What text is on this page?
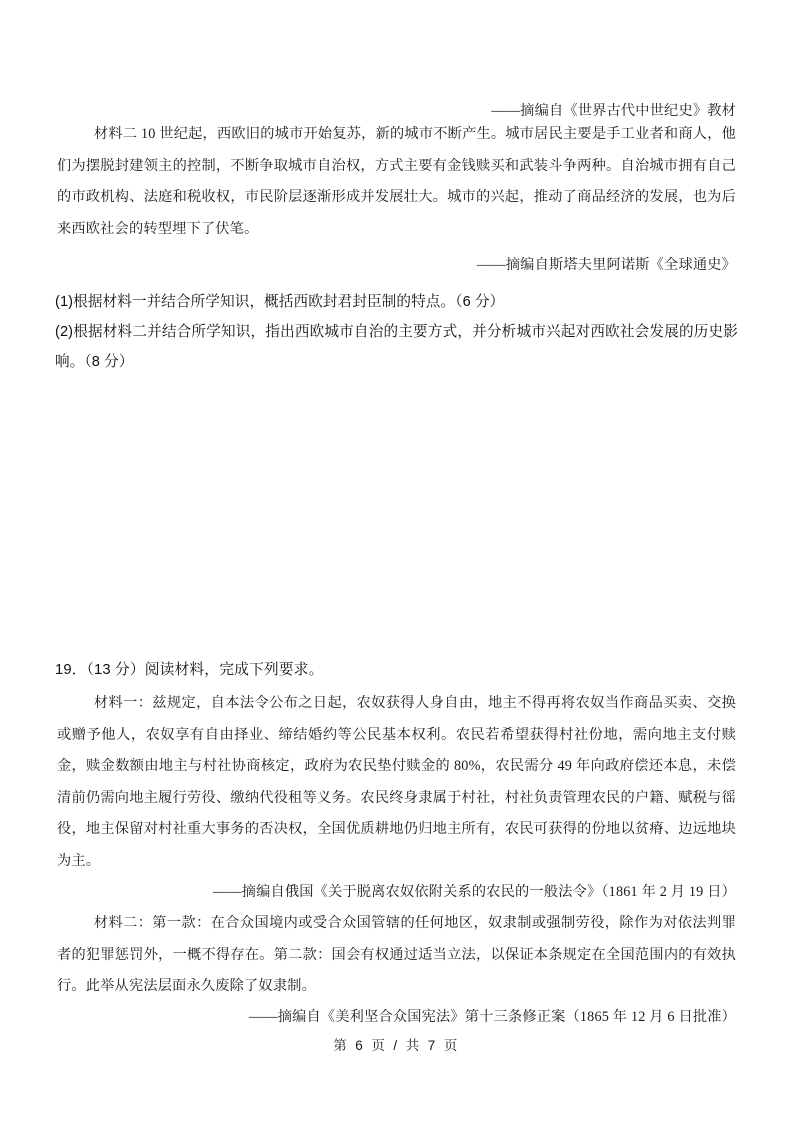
——摘编自《世界古代中世纪史》教材

材料二 10 世纪起，西欧旧的城市开始复苏，新的城市不断产生。城市居民主要是手工业者和商人，他们为摆脱封建领主的控制，不断争取城市自治权，方式主要有金钱赎买和武装斗争两种。自治城市拥有自己的市政机构、法庭和税收权，市民阶层逐渐形成并发展壮大。城市的兴起，推动了商品经济的发展，也为后来西欧社会的转型埋下了伏笔。

——摘编自斯塔夫里阿诺斯《全球通史》

(1)根据材料一并结合所学知识，概括西欧封君封臣制的特点。（6 分）

(2)根据材料二并结合所学知识，指出西欧城市自治的主要方式，并分析城市兴起对西欧社会发展的历史影响。（8 分）

19．（13 分）阅读材料，完成下列要求。

材料一：兹规定，自本法令公布之日起，农奴获得人身自由，地主不得再将农奴当作商品买卖、交换或赠予他人，农奴享有自由择业、缔结婚约等公民基本权利。农民若希望获得村社份地，需向地主支付赎金，赎金数额由地主与村社协商核定，政府为农民垫付赎金的 80%，农民需分 49 年向政府偿还本息，未偿清前仍需向地主履行劳役、缴纳代役租等义务。农民终身隶属于村社，村社负责管理农民的户籍、赋税与徭役，地主保留对村社重大事务的否决权，全国优质耕地仍归地主所有，农民可获得的份地以贫瘠、边远地块为主。

——摘编自俄国《关于脱离农奴依附关系的农民的一般法令》（1861 年 2 月 19 日）

材料二：第一款：在合众国境内或受合众国管辖的任何地区，奴隶制或强制劳役，除作为对依法判罪者的犯罪惩罚外，一概不得存在。第二款：国会有权通过适当立法，以保证本条规定在全国范围内的有效执行。此举从宪法层面永久废除了奴隶制。

——摘编自《美利坚合众国宪法》第十三条修正案（1865 年 12 月 6 日批准）

第 6 页 / 共 7 页
